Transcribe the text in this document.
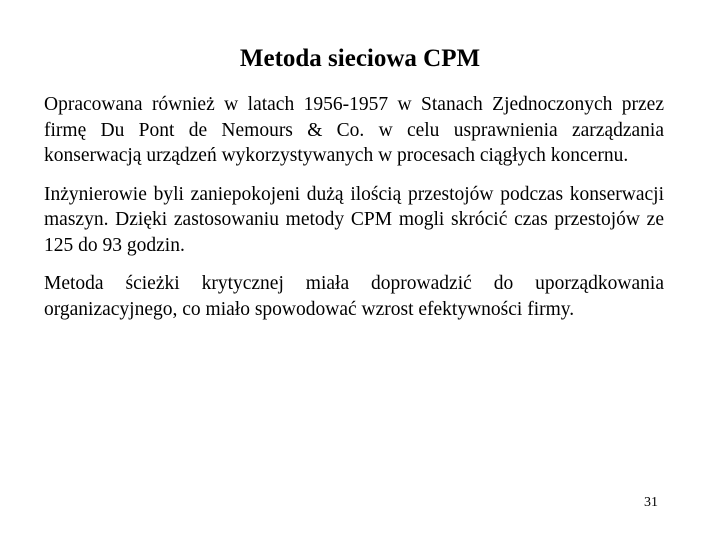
Metoda sieciowa CPM

Opracowana również w latach 1956-1957 w Stanach Zjednoczonych przez firmę Du Pont de Nemours & Co. w celu usprawnienia zarządzania konserwacją urządzeń wykorzystywanych w procesach ciągłych koncernu.

Inżynierowie byli zaniepokojeni dużą ilością przestojów podczas konserwacji maszyn. Dzięki zastosowaniu metody CPM mogli skrócić czas przestojów ze 125 do 93 godzin.

Metoda ścieżki krytycznej miała doprowadzić do uporządkowania organizacyjnego, co miało spowodować wzrost efektywności firmy.

31
